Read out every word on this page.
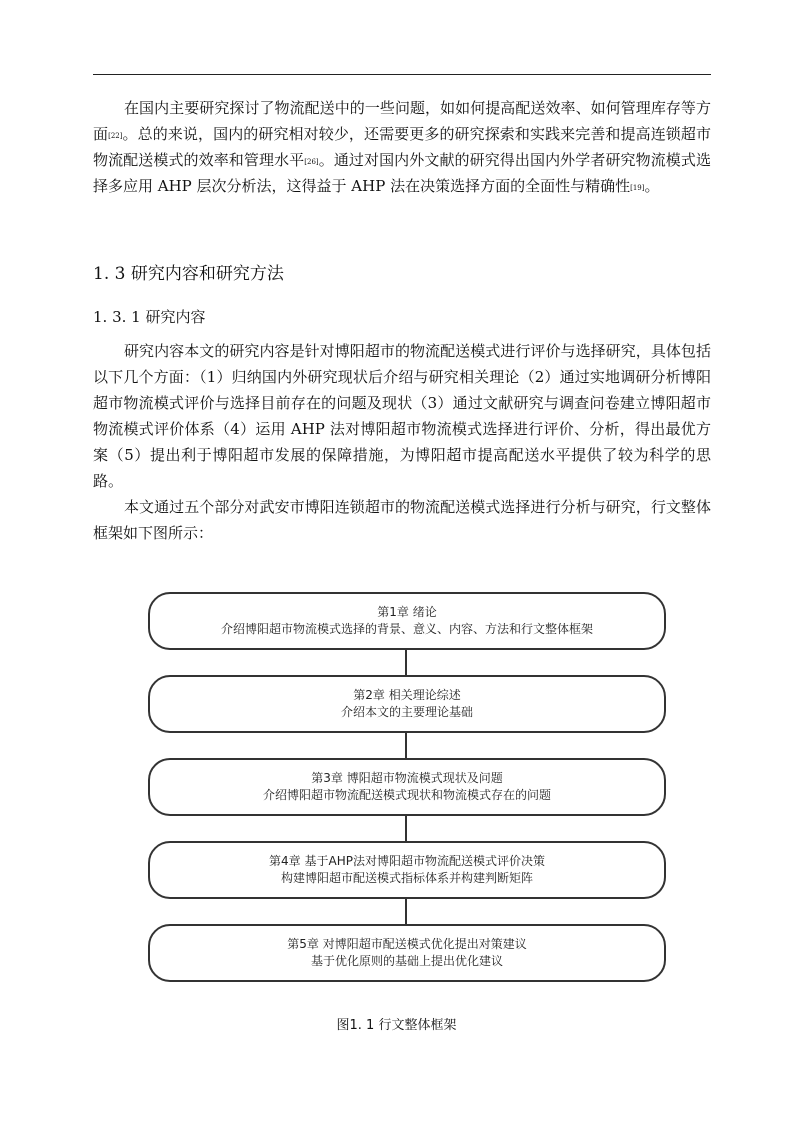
在国内主要研究探讨了物流配送中的一些问题，如如何提高配送效率、如何管理库存等方面[22]。总的来说，国内的研究相对较少，还需要更多的研究探索和实践来完善和提高连锁超市物流配送模式的效率和管理水平[26]。通过对国内外文献的研究得出国内外学者研究物流模式选择多应用 AHP 层次分析法，这得益于 AHP 法在决策选择方面的全面性与精确性[19]。

1. 3 研究内容和研究方法
1. 3. 1 研究内容

研究内容本文的研究内容是针对博阳超市的物流配送模式进行评价与选择研究，具体包括以下几个方面：（1）归纳国内外研究现状后介绍与研究相关理论（2）通过实地调研分析博阳超市物流模式评价与选择目前存在的问题及现状（3）通过文献研究与调查问卷建立博阳超市物流模式评价体系（4）运用 AHP 法对博阳超市物流模式选择进行评价、分析，得出最优方案（5）提出利于博阳超市发展的保障措施，为博阳超市提高配送水平提供了较为科学的思路。

本文通过五个部分对武安市博阳连锁超市的物流配送模式选择进行分析与研究，行文整体框架如下图所示：

第1章 绪论
介绍博阳超市物流模式选择的背景、意义、内容、方法和行文整体框架
第2章 相关理论综述
介绍本文的主要理论基础
第3章 博阳超市物流模式现状及问题
介绍博阳超市物流配送模式现状和物流模式存在的问题
第4章 基于AHP法对博阳超市物流配送模式评价决策
构建博阳超市配送模式指标体系并构建判断矩阵
第5章 对博阳超市配送模式优化提出对策建议
基于优化原则的基础上提出优化建议
图1. 1 行文整体框架
